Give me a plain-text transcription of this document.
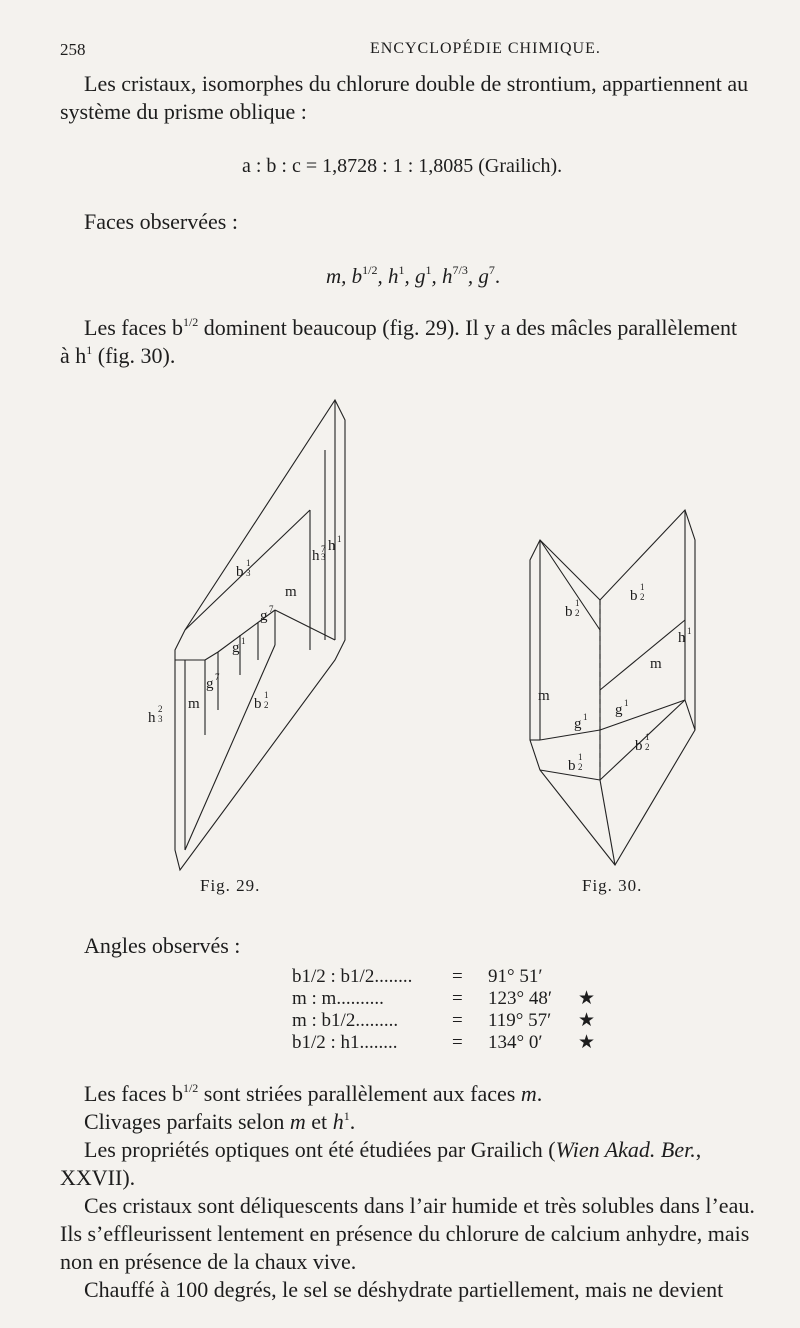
258	ENCYCLOPÉDIE CHIMIQUE.
Les cristaux, isomorphes du chlorure double de strontium, appartiennent au
système du prisme oblique :
a : b : c = 1,8728 : 1 : 1,8085 (Grailich).
Faces observées :
m, $b^{1/2}$, $h^1$, $g^1$, $h^{7/3}$, $g^7$.
Les faces $b^{1/2}$ dominent beaucoup (fig. 29). Il y a des mâcles parallèlement
à $h^1$ (fig. 30).
b
1
3
m
g 7
g 1
g 7
m	b
1
2
h
2
3
h 7
3
h 1
Fig. 29.
b
1
2
b
1
2
h 1
m
m
g 1 g 1
b
1
2
b
1
2
Fig. 30.
Angles observés :
b1/2 : b1/2........ = 91° 51′
m : m..........	= 123° 48′ ★
m : b1/2.........	= 119° 57′ ★
b1/2 : h1........	= 134° 0′ ★
Les faces $b^{1/2}$ sont striées parallèlement aux faces m.
Clivages parfaits selon m et $h^1$.
Les propriétés optiques ont été étudiées par Grailich (Wien Akad. Ber.,
XXVII).
Ces cristaux sont déliquescents dans l’air humide et très solubles dans l’eau.
Ils s’effleurissent lentement en présence du chlorure de calcium anhydre, mais
non en présence de la chaux vive.
Chauffé à 100 degrés, le sel se déshydrate partiellement, mais ne devient
